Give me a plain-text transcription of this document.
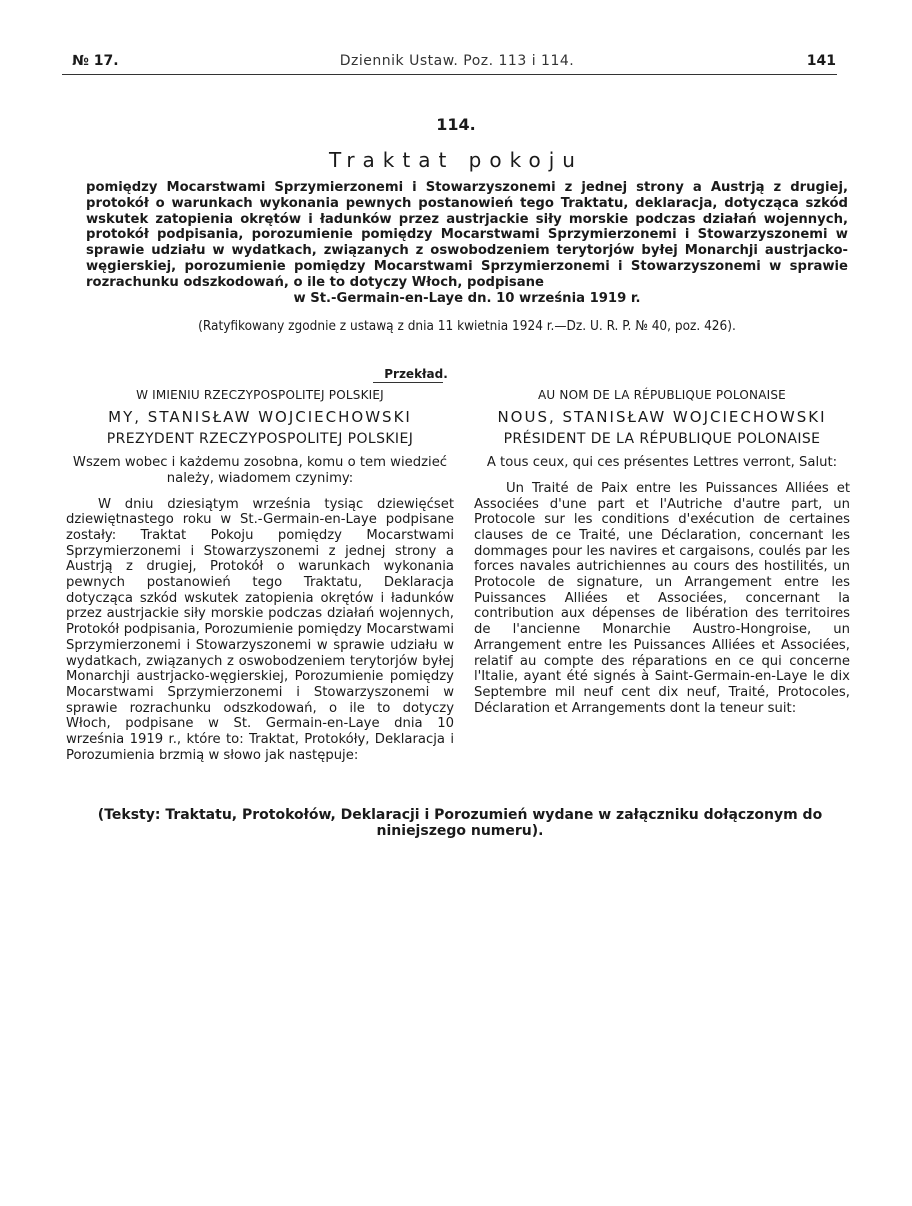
№ 17.	Dziennik Ustaw. Poz. 113 i 114.	141
114.
Traktat pokoju

pomiędzy Mocarstwami Sprzymierzonemi i Stowarzyszonemi z jednej strony a Austrją z drugiej, protokół o warunkach wykonania pewnych postanowień tego Traktatu, deklaracja, dotycząca szkód wskutek zatopienia okrętów i ładunków przez austrjackie siły morskie podczas działań wojennych, protokół podpisania, porozumienie pomiędzy Mocarstwami Sprzymierzonemi i Stowarzyszonemi w sprawie udziału w wydatkach, związanych z oswobodzeniem terytorjów byłej Monarchji austrjacko-węgierskiej, porozumienie pomiędzy Mocarstwami Sprzymierzonemi i Stowarzyszonemi w sprawie rozrachunku odszkodowań, o ile to dotyczy Włoch, podpisane
w St.-Germain-en-Laye dn. 10 września 1919 r.

(Ratyfikowany zgodnie z ustawą z dnia 11 kwietnia 1924 r.—Dz. U. R. P. № 40, poz. 426).
Przekład.
W IMIENIU RZECZYPOSPOLITEJ POLSKIEJ
MY, STANISŁAW WOJCIECHOWSKI
PREZYDENT RZECZYPOSPOLITEJ POLSKIEJ
Wszem wobec i każdemu zosobna, komu o tem wiedzieć należy, wiadomem czynimy:

W dniu dziesiątym września tysiąc dziewięćset dziewiętnastego roku w St.-Germain-en-Laye podpisane zostały: Traktat Pokoju pomiędzy Mocarstwami Sprzymierzonemi i Stowarzyszonemi z jednej strony a Austrją z drugiej, Protokół o warunkach wykonania pewnych postanowień tego Traktatu, Deklaracja dotycząca szkód wskutek zatopienia okrętów i ładunków przez austrjackie siły morskie podczas działań wojennych, Protokół podpisania, Porozumienie pomiędzy Mocarstwami Sprzymierzonemi i Stowarzyszonemi w sprawie udziału w wydatkach, związanych z oswobodzeniem terytorjów byłej Monarchji austrjacko-węgierskiej, Porozumienie pomiędzy Mocarstwami Sprzymierzonemi i Stowarzyszonemi w sprawie rozrachunku odszkodowań, o ile to dotyczy Włoch, podpisane w St. Germain-en-Laye dnia 10 września 1919 r., które to: Traktat, Protokóły, Deklaracja i Porozumienia brzmią w słowo jak następuje:

AU NOM DE LA RÉPUBLIQUE POLONAISE
NOUS, STANISŁAW WOJCIECHOWSKI
PRÉSIDENT DE LA RÉPUBLIQUE POLONAISE
A tous ceux, qui ces présentes Lettres verront, Salut:

Un Traité de Paix entre les Puissances Alliées et Associées d'une part et l'Autriche d'autre part, un Protocole sur les conditions d'exécution de certaines clauses de ce Traité, une Déclaration, concernant les dommages pour les navires et cargaisons, coulés par les forces navales autrichiennes au cours des hostilités, un Protocole de signature, un Arrangement entre les Puissances Alliées et Associées, concernant la contribution aux dépenses de libération des territoires de l'ancienne Monarchie Austro-Hongroise, un Arrangement entre les Puissances Alliées et Associées, relatif au compte des réparations en ce qui concerne l'Italie, ayant été signés à Saint-Germain-en-Laye le dix Septembre mil neuf cent dix neuf, Traité, Protocoles, Déclaration et Arrangements dont la teneur suit:

(Teksty: Traktatu, Protokołów, Deklaracji i Porozumień wydane w załączniku dołączonym do niniejszego numeru).
